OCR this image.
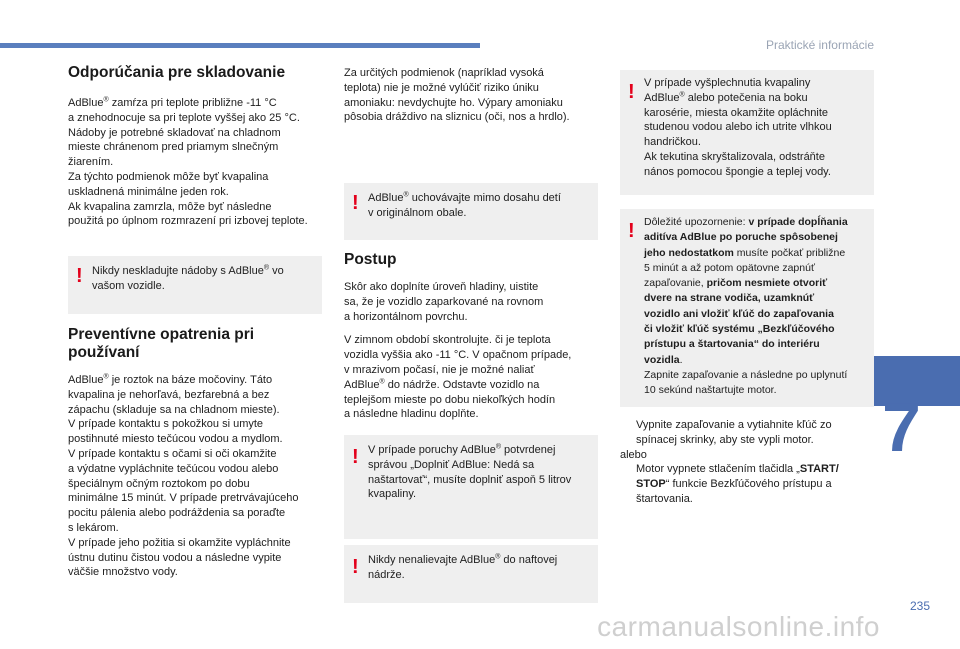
Praktické informácie
7
235
carmanualsonline.info
Odporúčania pre skladovanie
AdBlue® zamŕza pri teplote približne -11 °C
a znehodnocuje sa pri teplote vyššej ako 25 °C.
Nádoby je potrebné skladovať na chladnom
mieste chránenom pred priamym slnečným
žiarením.
Za týchto podmienok môže byť kvapalina
uskladnená minimálne jeden rok.
Ak kvapalina zamrzla, môže byť následne
použitá po úplnom rozmrazení pri izbovej teplote.
! Nikdy neskladujte nádoby s AdBlue® vo
vašom vozidle.
Preventívne opatrenia pri používaní
AdBlue® je roztok na báze močoviny. Táto
kvapalina je nehorľavá, bezfarebná a bez
zápachu (skladuje sa na chladnom mieste).
V prípade kontaktu s pokožkou si umyte
postihnuté miesto tečúcou vodou a mydlom.
V prípade kontaktu s očami si oči okamžite
a výdatne vypláchnite tečúcou vodou alebo
špeciálnym očným roztokom po dobu
minimálne 15 minút. V prípade pretrvávajúceho
pocitu pálenia alebo podráždenia sa poraďte
s lekárom.
V prípade jeho požitia si okamžite vypláchnite
ústnu dutinu čistou vodou a následne vypite
väčšie množstvo vody.
Za určitých podmienok (napríklad vysoká
teplota) nie je možné vylúčiť riziko úniku
amoniaku: nevdychujte ho. Výpary amoniaku
pôsobia dráždivo na sliznicu (oči, nos a hrdlo).
! AdBlue® uchovávajte mimo dosahu detí
v originálnom obale.
Postup
Skôr ako doplníte úroveň hladiny, uistite
sa, že je vozidlo zaparkované na rovnom
a horizontálnom povrchu.
V zimnom období skontrolujte. či je teplota
vozidla vyššia ako -11 °C. V opačnom prípade,
v mrazivom počasí, nie je možné naliať
AdBlue® do nádrže. Odstavte vozidlo na
teplejšom mieste po dobu niekoľkých hodín
a následne hladinu doplňte.
! V prípade poruchy AdBlue® potvrdenej
správou „Doplniť AdBlue: Nedá sa
naštartovať“, musíte doplniť aspoň 5 litrov
kvapaliny.
! Nikdy nenalievajte AdBlue® do naftovej
nádrže.
! V prípade vyšplechnutia kvapaliny
AdBlue® alebo potečenia na boku
karosérie, miesta okamžite opláchnite
studenou vodou alebo ich utrite vlhkou
handričkou.
Ak tekutina skryštalizovala, odstráňte
nános pomocou špongie a teplej vody.
! Dôležité upozornenie: v prípade dopĺňania
aditíva AdBlue po poruche spôsobenej
jeho nedostatkom musíte počkať približne
5 minút a až potom opätovne zapnúť
zapaľovanie, pričom nesmiete otvoriť
dvere na strane vodiča, uzamknúť
vozidlo ani vložiť kľúč do zapaľovania
či vložiť kľúč systému „Bezkľúčového
prístupu a štartovania“ do interiéru
vozidla.
Zapnite zapaľovanie a následne po uplynutí
10 sekúnd naštartujte motor.
Vypnite zapaľovanie a vytiahnite kľúč zo
spínacej skrinky, aby ste vypli motor.
alebo
Motor vypnete stlačením tlačidla „START/
STOP“ funkcie Bezkľúčového prístupu a
štartovania.
